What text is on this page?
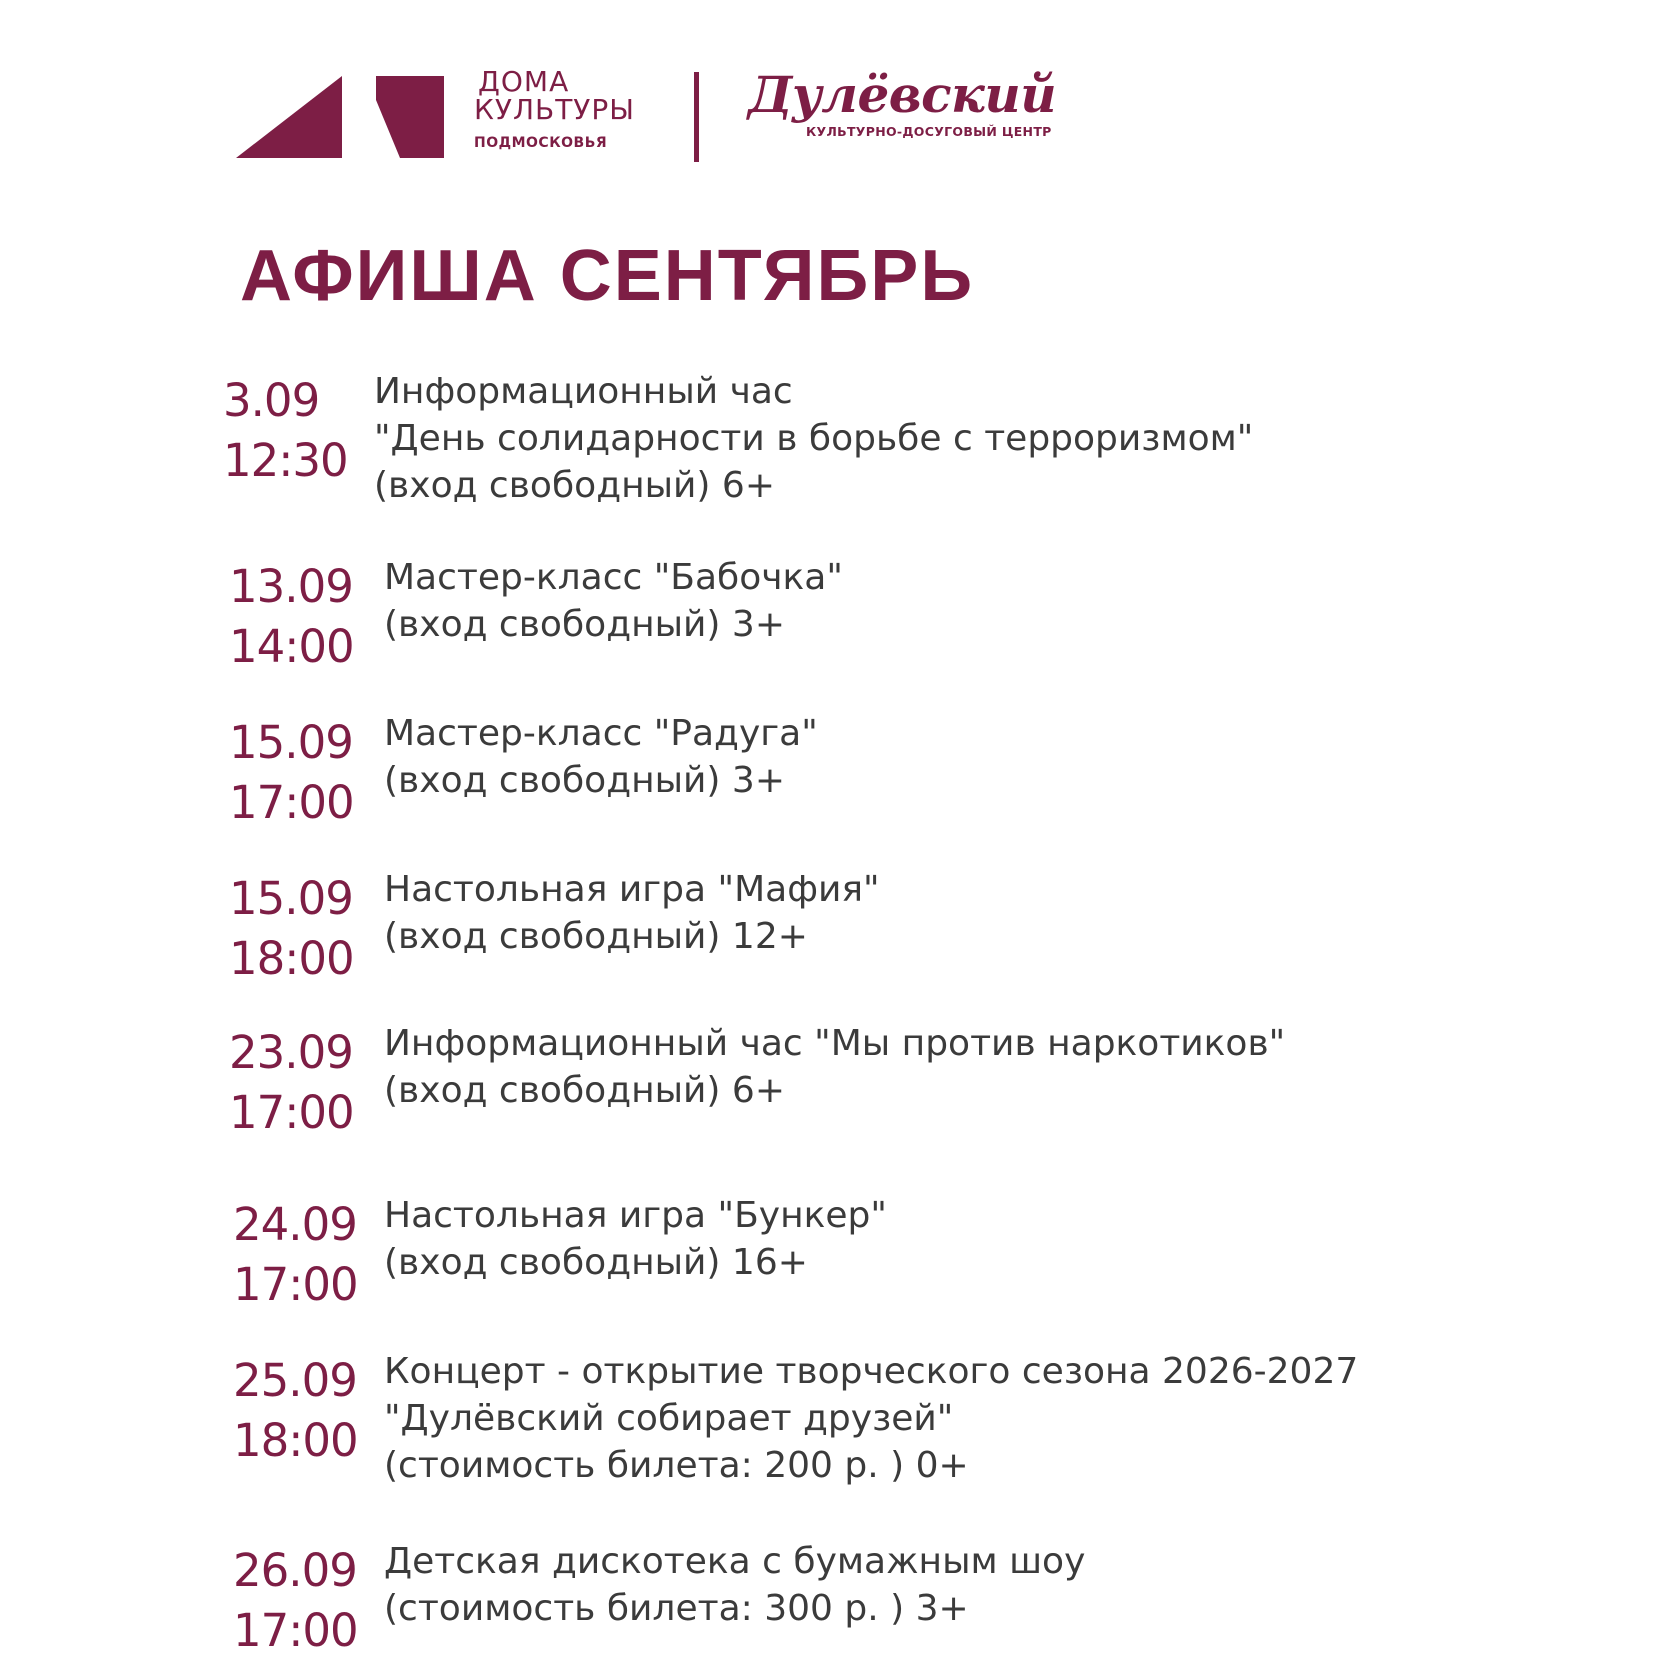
ДОМА
КУЛЬТУРЫ
ПОДМОСКОВЬЯ
Дулёвский
КУЛЬТУРНО-ДОСУГОВЫЙ ЦЕНТР
АФИША СЕНТЯБРЬ
3.09
12:30
Информационный час
"День солидарности в борьбе с терроризмом"
(вход свободный) 6+
13.09
14:00
Мастер-класс "Бабочка"
(вход свободный) 3+
15.09
17:00
Мастер-класс "Радуга"
(вход свободный) 3+
15.09
18:00
Настольная игра "Мафия"
(вход свободный) 12+
23.09
17:00
Информационный час "Мы против наркотиков"
(вход свободный) 6+
24.09
17:00
Настольная игра "Бункер"
(вход свободный) 16+
25.09
18:00
Концерт - открытие творческого сезона 2026-2027
"Дулёвский собирает друзей"
(стоимость билета: 200 р. ) 0+
26.09
17:00
Детская дискотека с бумажным шоу
(стоимость билета: 300 р. ) 3+
